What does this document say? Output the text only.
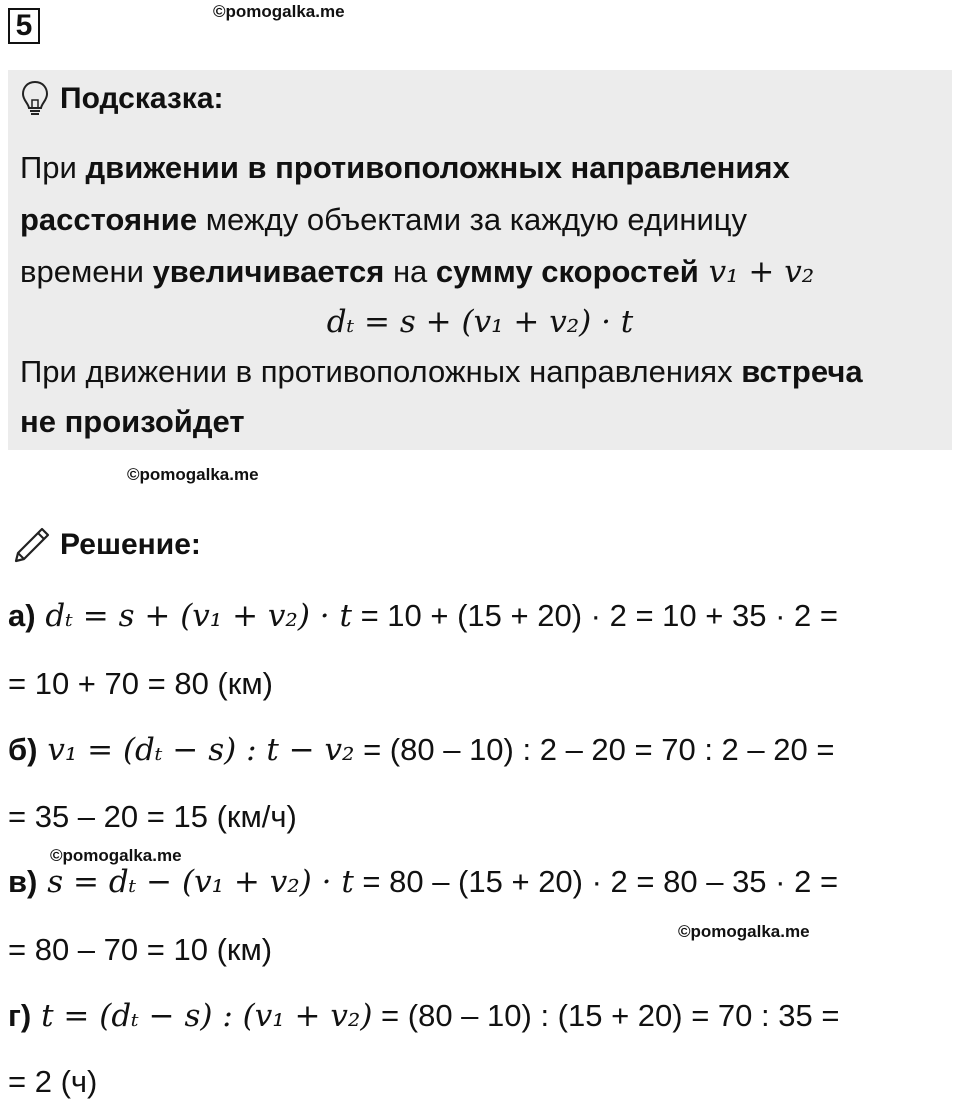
5	©pomogalka.me
Подсказка:
При движении в противоположных направлениях
расстояние между объектами за каждую единицу
времени увеличивается на сумму скоростей v₁ + v₂
dₜ = s + (v₁ + v₂) · t
При движении в противоположных направлениях встреча
не произойдет
©pomogalka.me
Решение:
а) dₜ = s + (v₁ + v₂) · t = 10 + (15 + 20) · 2 = 10 + 35 · 2 =
= 10 + 70 = 80 (км)
б) v₁ = (dₜ − s) : t − v₂ = (80 – 10) : 2 – 20 = 70 : 2 – 20 =
= 35 – 20 = 15 (км/ч)
©pomogalka.me
в) s = dₜ − (v₁ + v₂) · t = 80 – (15 + 20) · 2 = 80 – 35 · 2 =
= 80 – 70 = 10 (км)
©pomogalka.me
г) t = (dₜ − s) : (v₁ + v₂) = (80 – 10) : (15 + 20) = 70 : 35 =
= 2 (ч)
